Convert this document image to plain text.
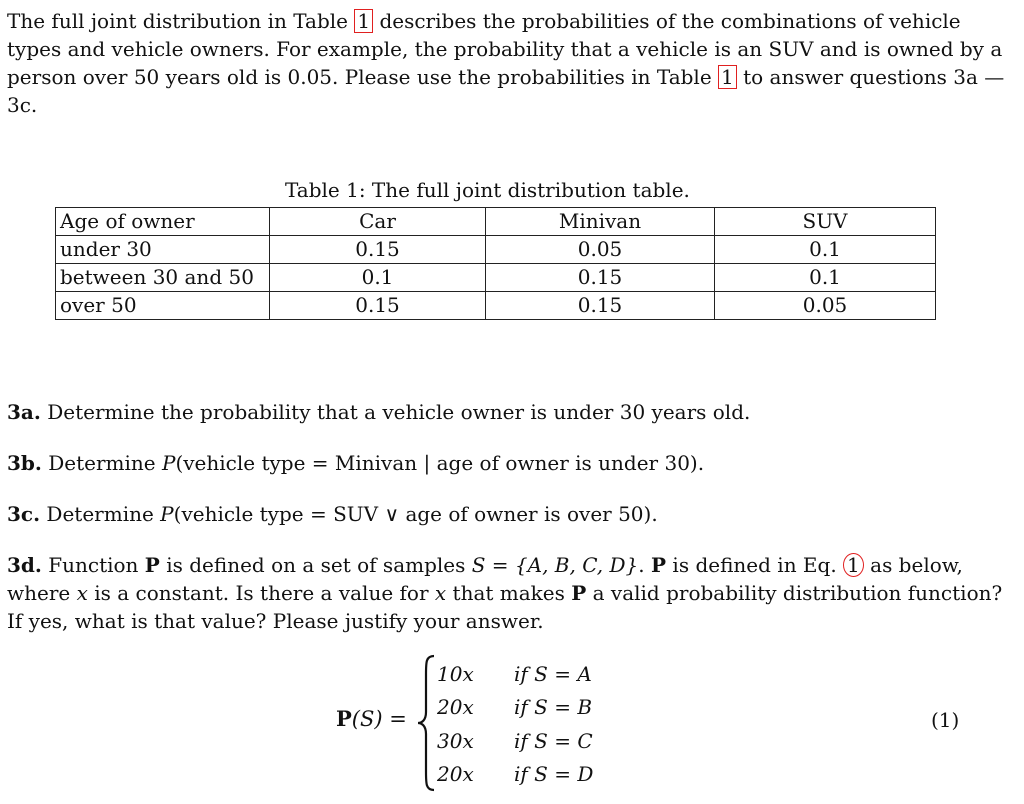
The full joint distribution in Table 1 describes the probabilities of the combinations of vehicle types and vehicle owners. For example, the probability that a vehicle is an SUV and is owned by a person over 50 years old is 0.05. Please use the probabilities in Table 1 to answer questions 3a — 3c.

Table 1: The full joint distribution table.
Age of owner	Car	Minivan	SUV
under 30	0.15	0.05	0.1
between 30 and 50	0.1	0.15	0.1
over 50	0.15	0.15	0.05

3a. Determine the probability that a vehicle owner is under 30 years old.

3b. Determine P(vehicle type = Minivan | age of owner is under 30).

3c. Determine P(vehicle type = SUV ∨ age of owner is over 50).

3d. Function P is defined on a set of samples S = {A, B, C, D}. P is defined in Eq. 1 as below, where x is a constant. Is there a value for x that makes P a valid probability distribution function? If yes, what is that value? Please justify your answer.

P(S) =
10x if S = A
20x if S = B
30x if S = C
20x if S = D
(1)
